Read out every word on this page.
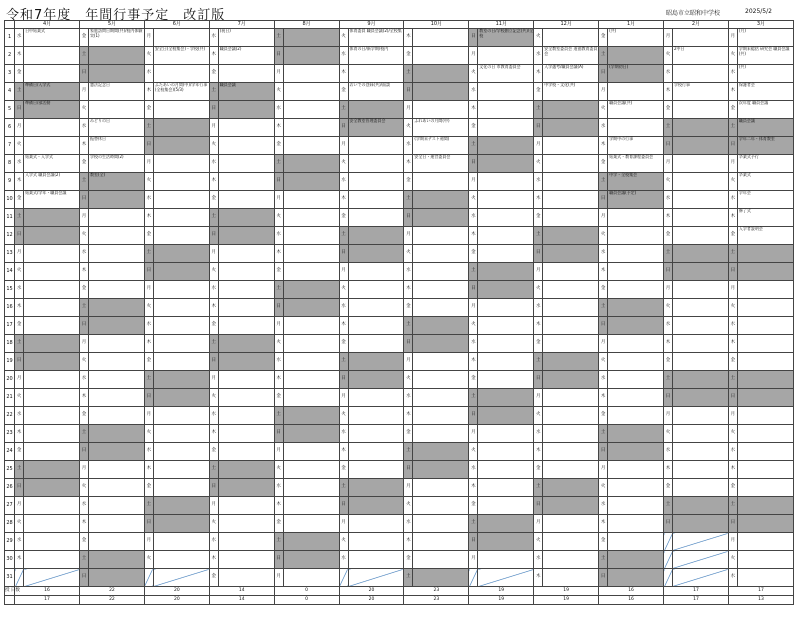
令和7年度　年間行事予定　改訂版	昭島市立昭和中学校	2025/5/2
	4月		5月		6月		7月		8月		9月		10月		11月		12月		1月		2月		3月	
1	水	日中始業式	金	家庭訪問日期間(共)/校内体験実(1)	月		水	(祝日)	土		火	体育委員 職員会議(2)/全校集	木		日	教室の日/学校創立記念(共)/全校	火		金	(共)	月		月	(月)
2	木		土		火	安全日(全校集会)・学校(共)	木	職員会議(2)	日		水	体育の日/新学期/校内	金		月		水	安全教室委員会 道徳教育委員会	土		火	2中日	火	学期末総括 研究会 職員会議(共)
3	金		日		水		金		月		木		土		火	文化の日 市教育委員会	木	入学選考/職員会議(A)	日	(学期初日)	水		水	(共)
4	土	準備日/入学式	月	憲法記念日	木	ふたあいの月間(中)/学年行事(全校集会)(5/3)	土	職員会議	火		金	おいでの登録(共)/面談	日		水		金	中学校・文化(共)	月		木	学校行事	木	保護者会
5	日	準備日/部活動	火		金		日		水		土		月		木		土		火	職員会議(共)	金		金	次年度 職員会議
6	月		水	みどりの日	土		月		木		日	安全教室管理委員会	火	ふれあいの月間(中)	金		日		水		土		土	職員会議
7	火		木	振替休日	日		火		金		月		水	(学期末テスト週間)	土		月		木	学期中の行事	日		日	学年二年・体育教室
8	水	始業式・入学式	金	学校の生活時間(2)	月		水		土		火		木	安全日・運営委員会	日		火		金	始業式・教育課程委員会	月		月	卒業式予行
9	木	入学式 職員会議(2)	土	教室(全)	火		木		日		水		金		月		水		土	中学・全校集会	火		火	卒業式
10	金	始業式/学年・職員会議	日		水		金		月		木		土		火		木		日	職員会議(予定)	水		水	学年会
11	土		月		木		土		火		金		日		水		金		月		木		木	修了式
12	日		火		金		日		水		土		月		木		土		火		金		金	入学者説明会
13	月		水		土		月		木		日		火		金		日		水		土		土	
14	火		木		日		火		金		月		水		土		月		木		日		日	
15	水		金		月		水		土		火		木		日		火		金		月		月	
16	木		土		火		木		日		水		金		月		水		土		火		火	
17	金		日		水		金		月		木		土		火		木		日		水		水	
18	土		月		木		土		火		金		日		水		金		月		木		木	
19	日		火		金		日		水		土		月		木		土		火		金		金	
20	月		水		土		月		木		日		火		金		日		水		土		土	
21	火		木		日		火		金		月		水		土		月		木		日		日	
22	水		金		月		水		土		火		木		日		火		金		月		月	
23	木		土		火		木		日		水		金		月		水		土		火		火	
24	金		日		水		金		月		木		土		火		木		日		水		水	
25	土		月		木		土		火		金		日		水		金		月		木		木	
26	日		火		金		日		水		土		月		木		土		火		金		金	
27	月		水		土		月		木		日		火		金		日		水		土		土	
28	火		木		日		火		金		月		水		土		月		木		日		日	
29	水		金		月		水		土		火		木		日		火		金				月	
30	木		土		火		木		日		水		金		月		水		土				火	
31			日				金		月				土				木		日				水	
授 日数	16		22		20		14		0		20		23		19		19		16		17		17	
	17		22		20		14		0		20		23		19		19		16		17		13	
